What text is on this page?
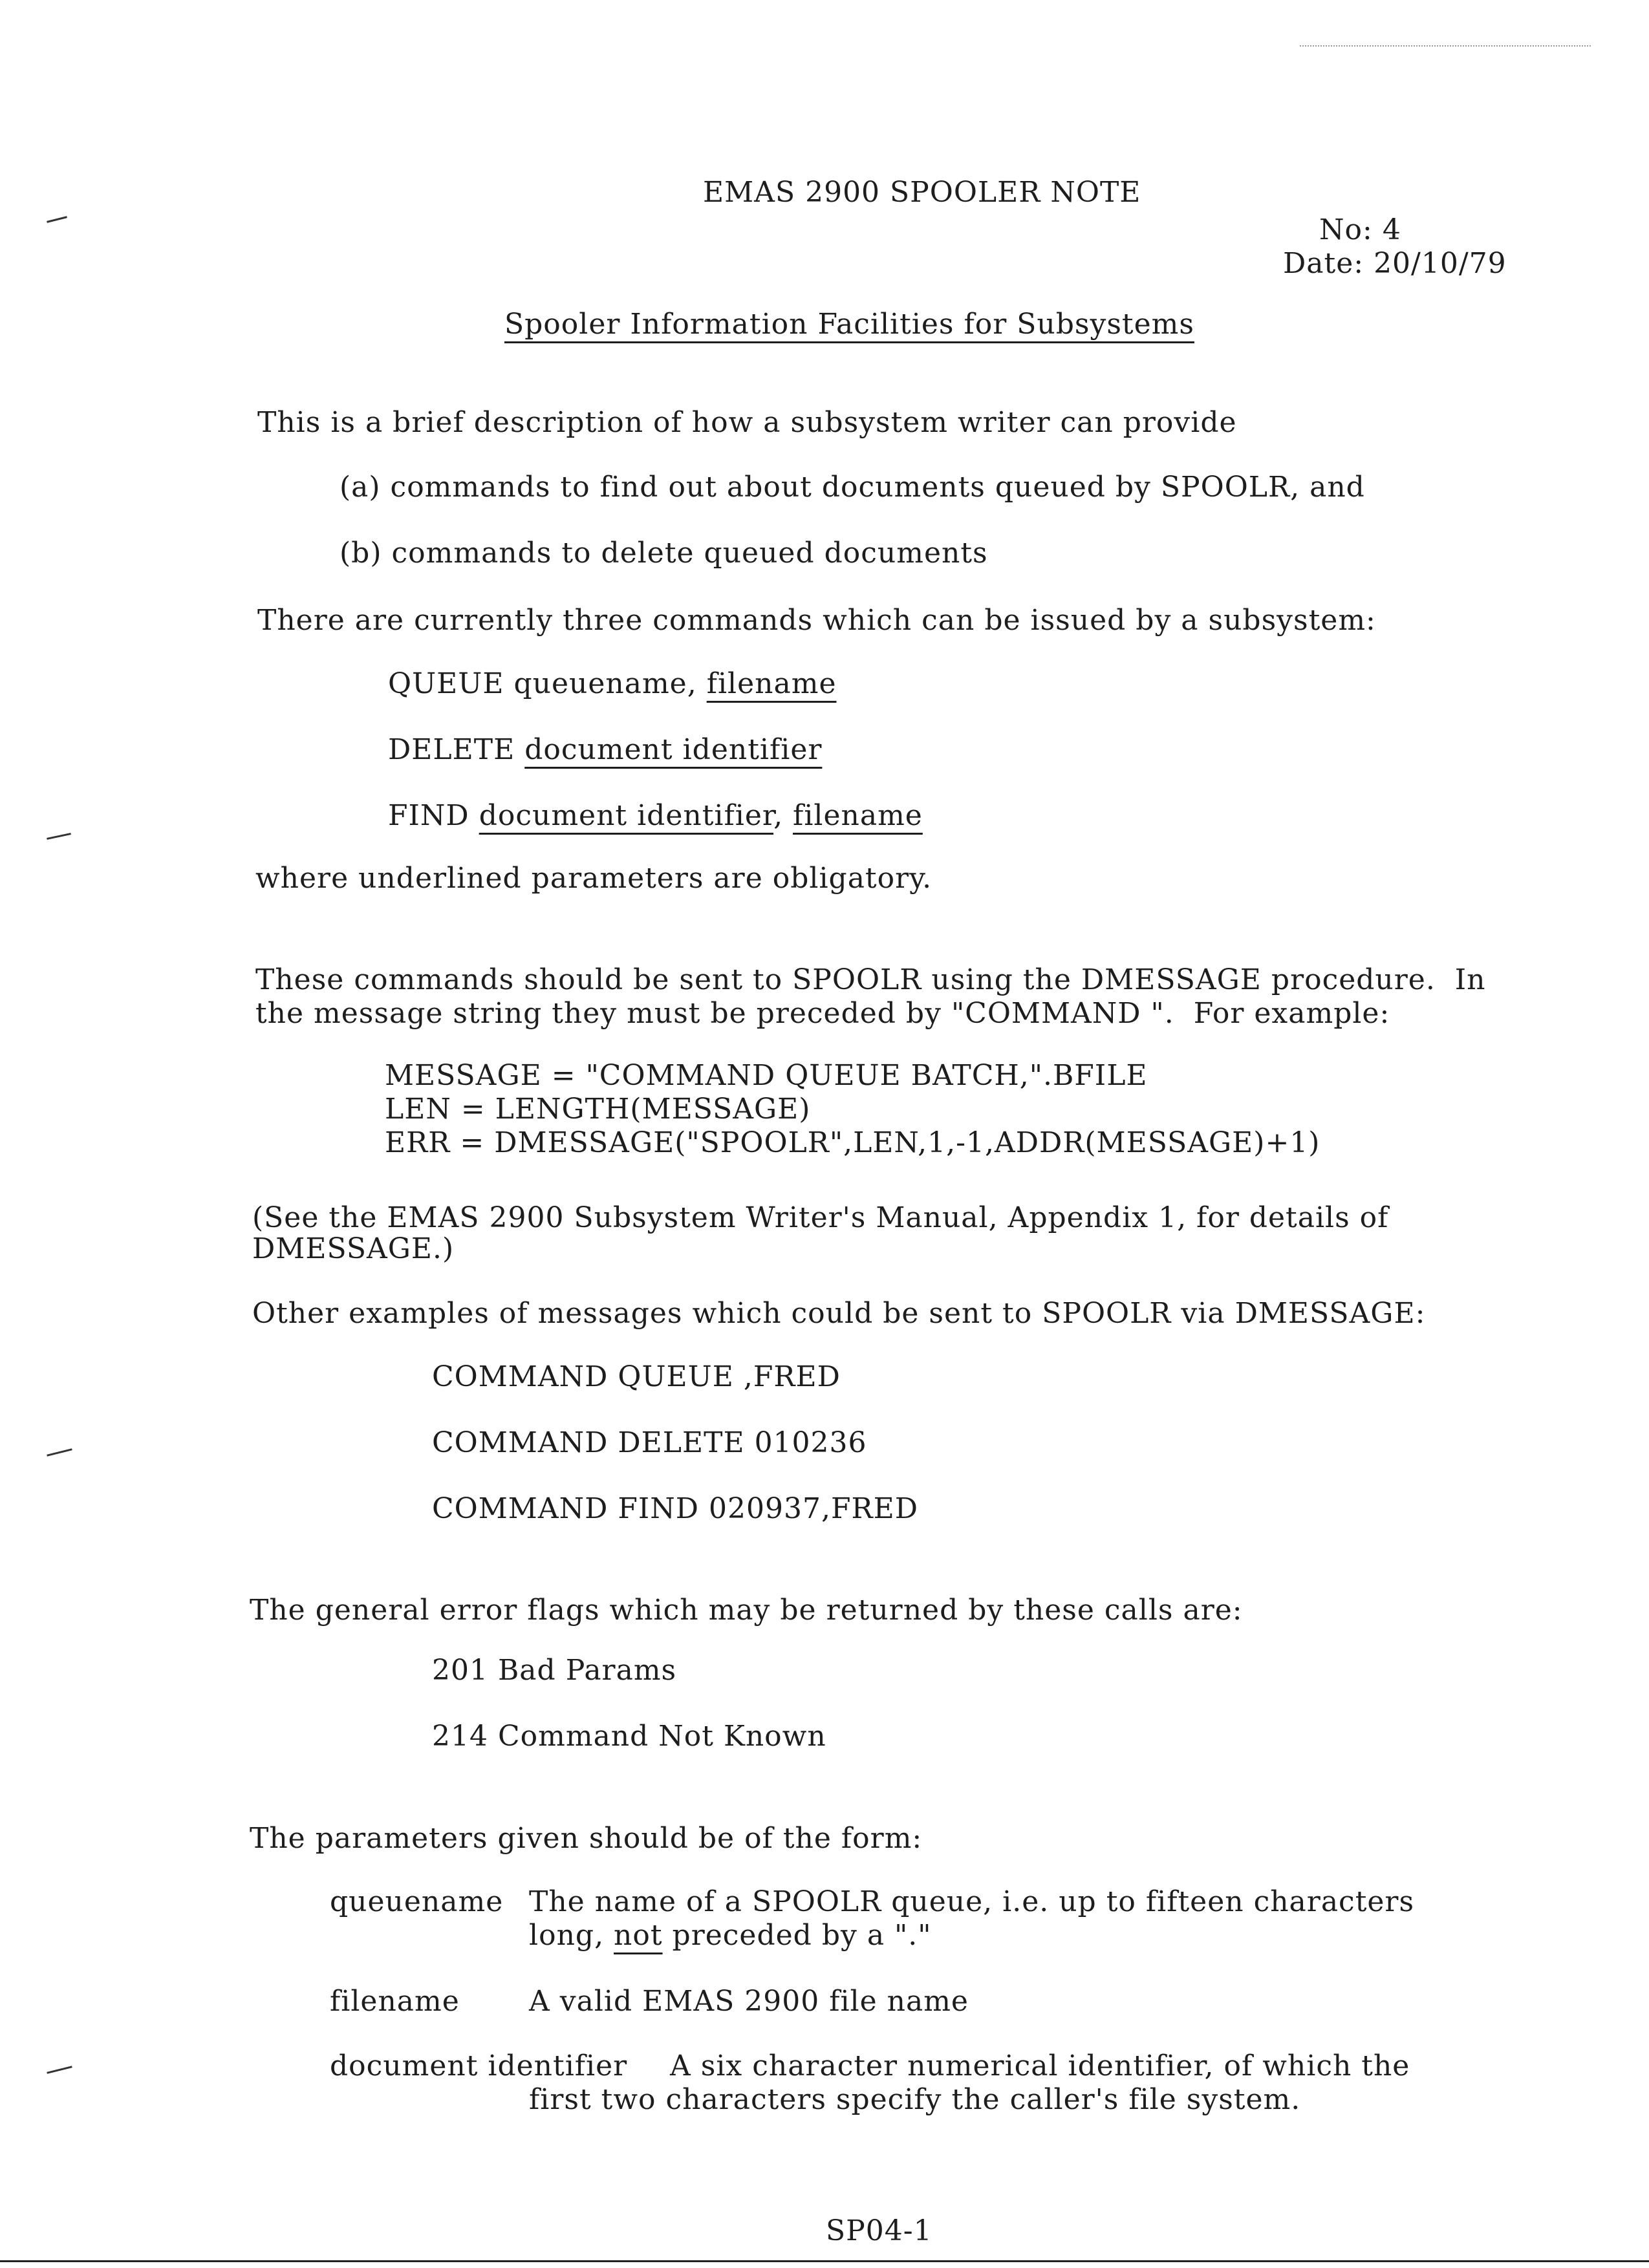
EMAS 2900 SPOOLER NOTE
No: 4
Date: 20/10/79
Spooler Information Facilities for Subsystems
This is a brief description of how a subsystem writer can provide
(a) commands to find out about documents queued by SPOOLR, and
(b) commands to delete queued documents
There are currently three commands which can be issued by a subsystem:
QUEUE queuename, filename
DELETE document identifier
FIND document identifier, filename
where underlined parameters are obligatory.
These commands should be sent to SPOOLR using the DMESSAGE procedure.  In
the message string they must be preceded by "COMMAND ".  For example:
MESSAGE = "COMMAND QUEUE BATCH,".BFILE
LEN = LENGTH(MESSAGE)
ERR = DMESSAGE("SPOOLR",LEN,1,-1,ADDR(MESSAGE)+1)
(See the EMAS 2900 Subsystem Writer's Manual, Appendix 1, for details of
DMESSAGE.)
Other examples of messages which could be sent to SPOOLR via DMESSAGE:
COMMAND QUEUE ,FRED
COMMAND DELETE 010236
COMMAND FIND 020937,FRED
The general error flags which may be returned by these calls are:
201 Bad Params
214 Command Not Known
The parameters given should be of the form:
queuename The name of a SPOOLR queue, i.e. up to fifteen characters
long, not preceded by a "."
filename A valid EMAS 2900 file name
document identifier A six character numerical identifier, of which the
first two characters specify the caller's file system.
SP04-1
